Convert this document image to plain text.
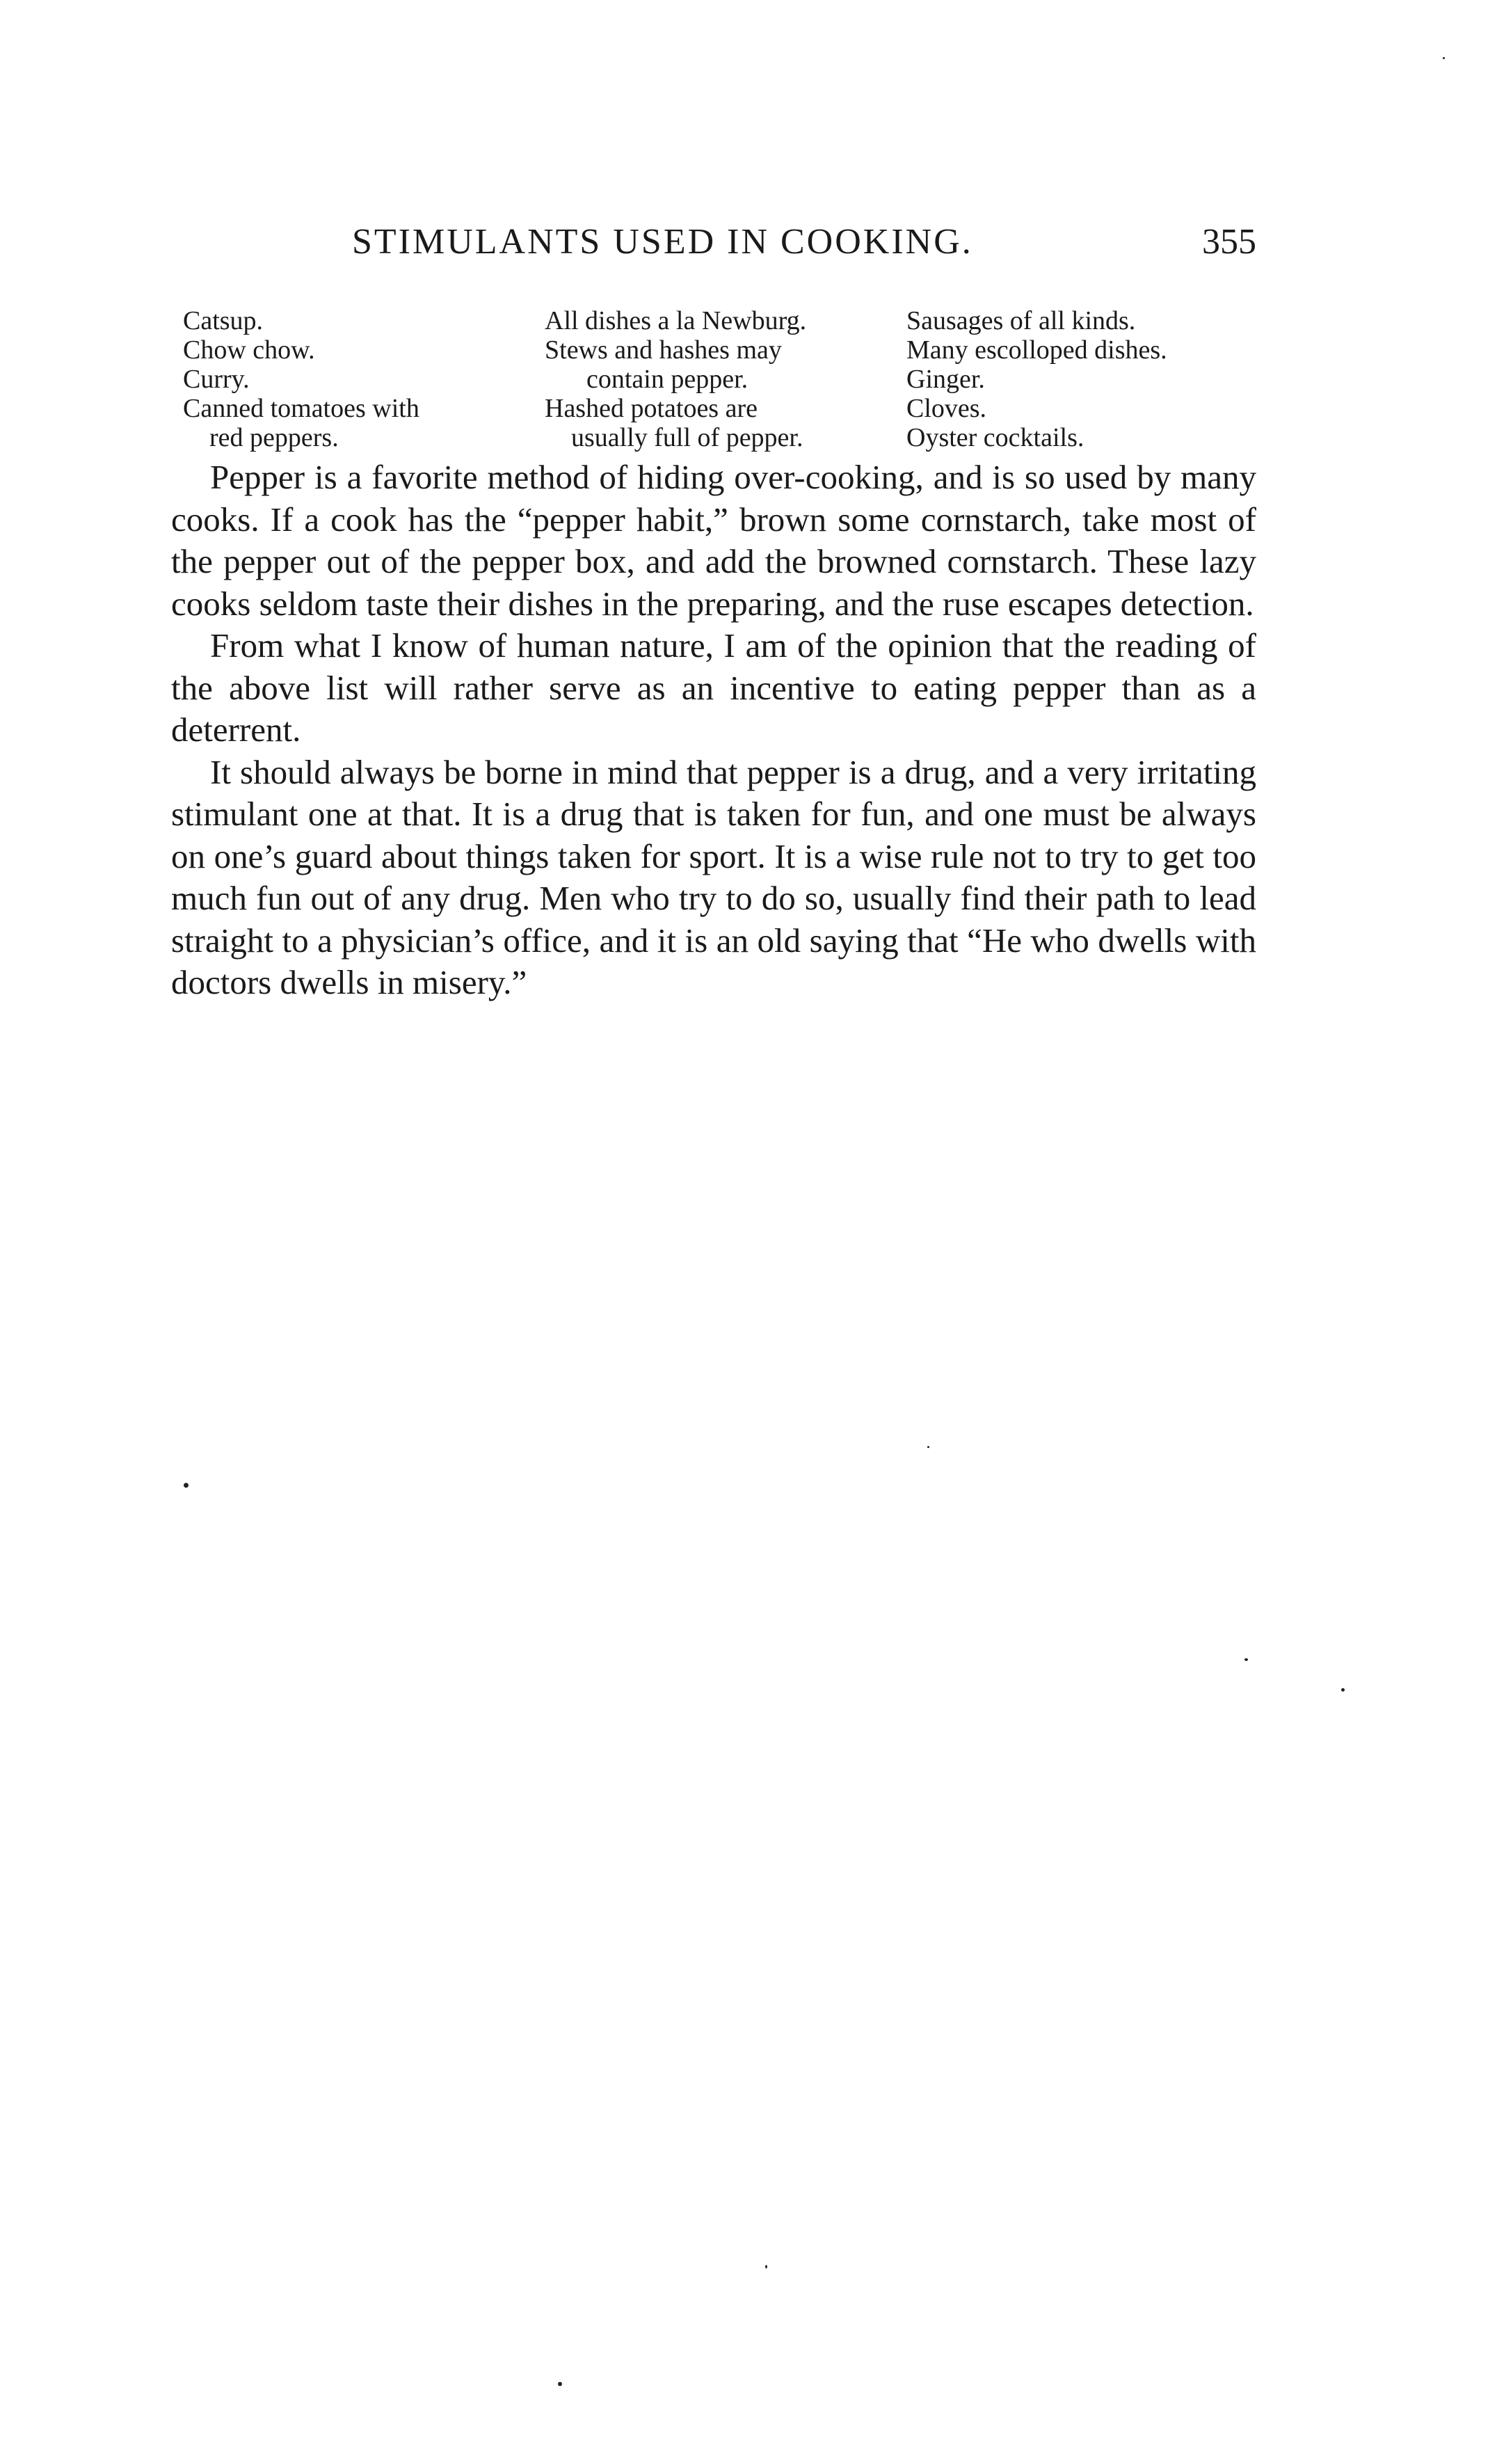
STIMULANTS USED IN COOKING.	355
Catsup.
Chow chow.
Curry.
Canned tomatoes with
red peppers.
All dishes a la Newburg.
Stews and hashes may
contain pepper.
Hashed potatoes are
usually full of pepper.
Sausages of all kinds.
Many escolloped dishes.
Ginger.
Cloves.
Oyster cocktails.

Pepper is a favorite method of hiding over-cooking, and is so used by many cooks. If a cook has the “pepper habit,” brown some cornstarch, take most of the pepper out of the pepper box, and add the browned cornstarch. These lazy cooks seldom taste their dishes in the preparing, and the ruse escapes detection.

From what I know of human nature, I am of the opinion that the reading of the above list will rather serve as an incentive to eating pepper than as a deterrent.

It should always be borne in mind that pepper is a drug, and a very irritating stimulant one at that. It is a drug that is taken for fun, and one must be always on one’s guard about things taken for sport. It is a wise rule not to try to get too much fun out of any drug. Men who try to do so, usually find their path to lead straight to a physician’s office, and it is an old saying that “He who dwells with doctors dwells in misery.”
